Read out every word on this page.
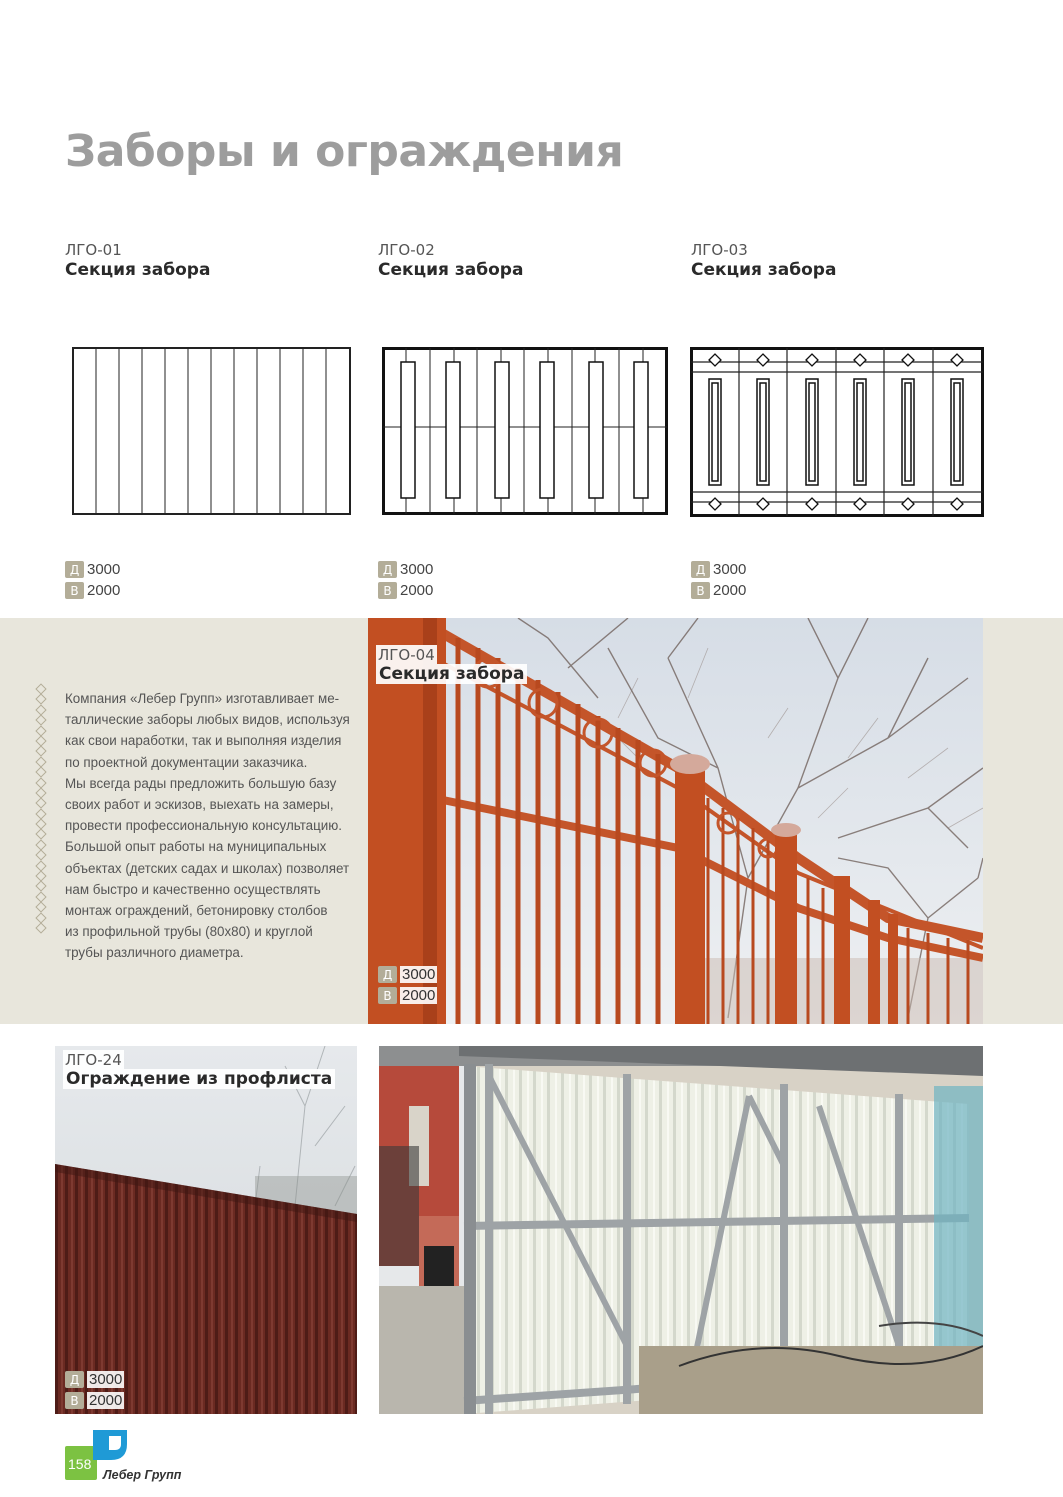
Заборы и ограждения
ЛГО-01
Секция забора
Д 3000
В 2000
ЛГО-02
Секция забора
Д 3000
В 2000
ЛГО-03
Секция забора
Д 3000
В 2000

Компания «Лебер Групп» изготавливает ме-

таллические заборы любых видов, используя

как свои наработки, так и выполняя изделия

по проектной документации заказчика.

Мы всегда рады предложить большую базу

своих работ и эскизов, выехать на замеры,

провести профессиональную консультацию.

Большой опыт работы на муниципальных

объектах (детских садах и школах) позволяет

нам быстро и качественно осуществлять

монтаж ограждений, бетонировку столбов

из профильной трубы (80х80) и круглой

трубы различного диаметра.

ЛГО-04
Секция забора
Д 3000
В 2000
ЛГО-24
Ограждение из профлиста
Д 3000
В 2000
158
Лебер Групп
